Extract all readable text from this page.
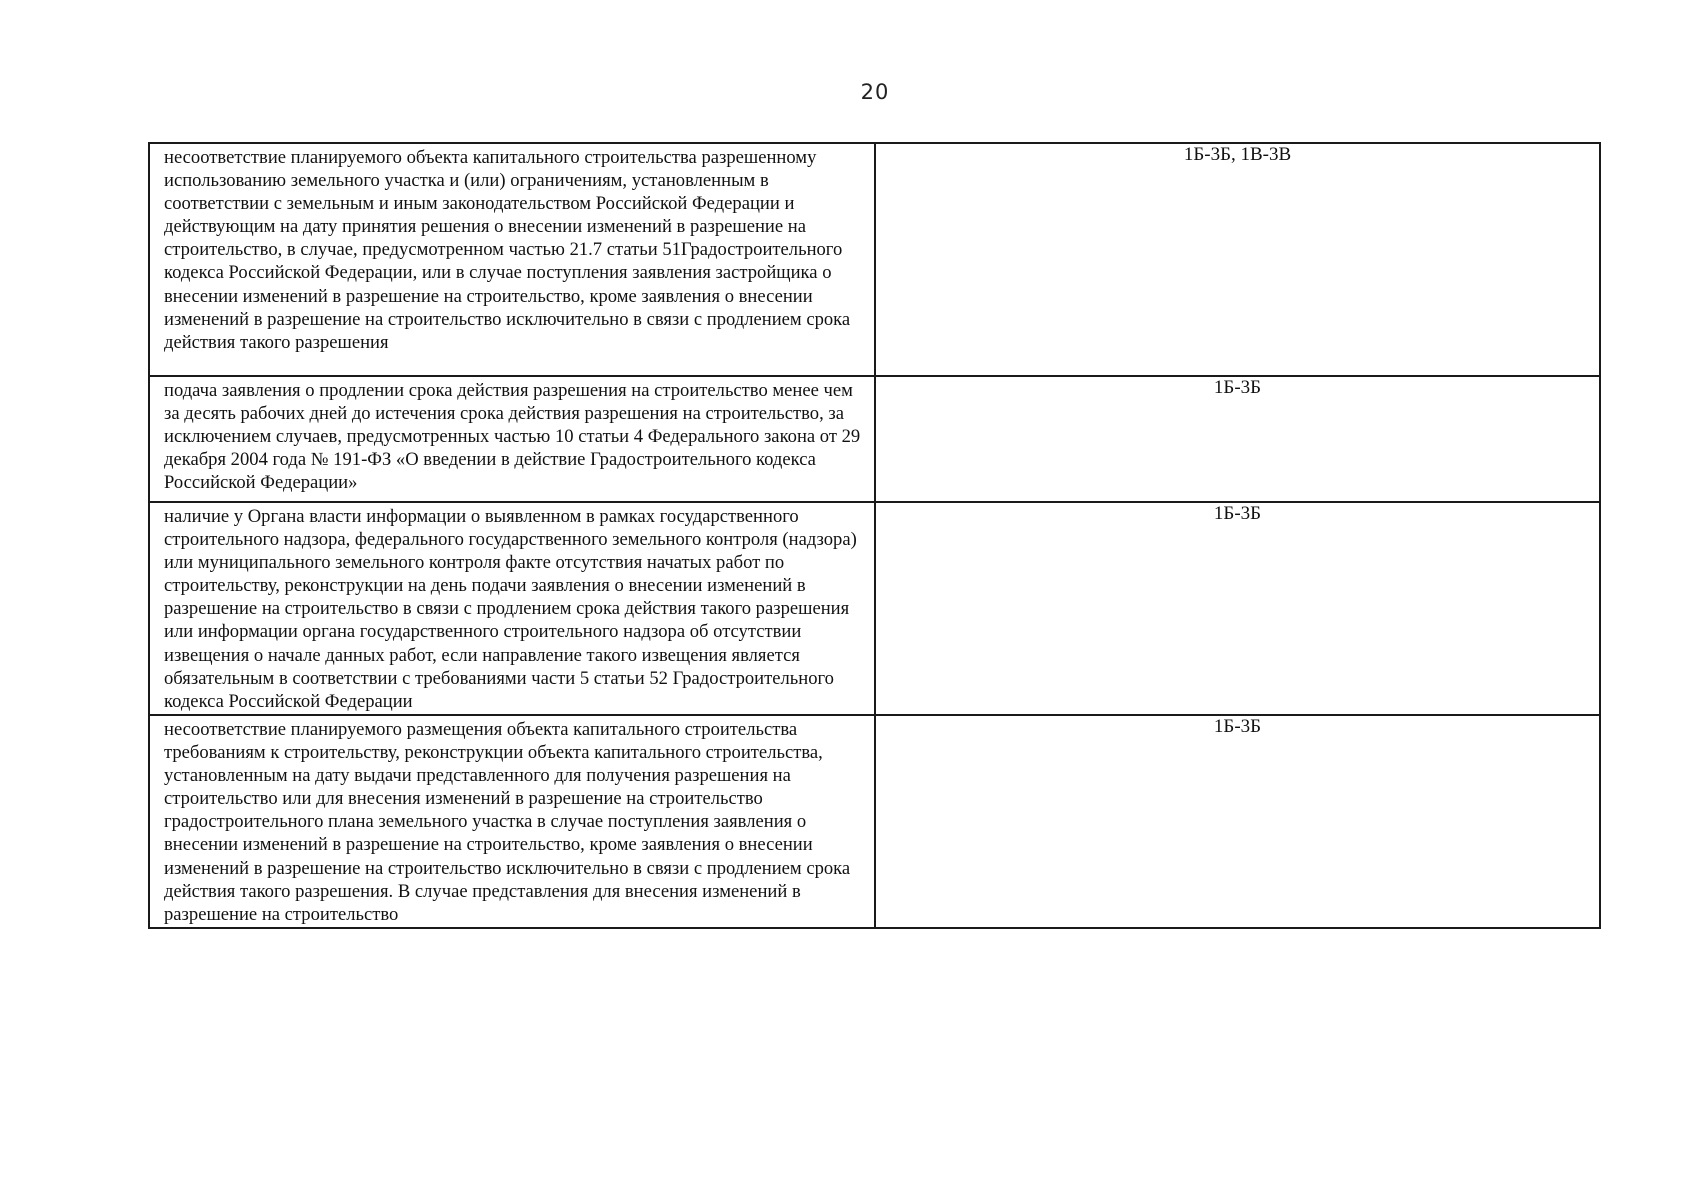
20
несоответствие планируемого объекта капитального строительства разрешенному использованию земельного участка и (или) ограничениям, установленным в соответствии с земельным и иным законодательством Российской Федерации и действующим на дату принятия решения о внесении изменений в разрешение на строительство, в случае, предусмотренном частью 21.7 статьи 51Градостроительного кодекса Российской Федерации, или в случае поступления заявления застройщика о внесении изменений в разрешение на строительство, кроме заявления о внесении изменений в разрешение на строительство исключительно в связи с продлением срока действия такого разрешения	1Б-3Б, 1В-3В

подача заявления о продлении срока действия разрешения на строительство менее чем за десять рабочих дней до истечения срока действия разрешения на строительство, за исключением случаев, предусмотренных частью 10 статьи 4 Федерального закона от 29 декабря 2004 года № 191-ФЗ «О введении в действие Градостроительного кодекса Российской Федерации»	1Б-3Б

наличие у Органа власти информации о выявленном в рамках государственного строительного надзора, федерального государственного земельного контроля (надзора) или муниципального земельного контроля факте отсутствия начатых работ по строительству, реконструкции на день подачи заявления о внесении изменений в разрешение на строительство в связи с продлением срока действия такого разрешения или информации органа государственного строительного надзора об отсутствии извещения о начале данных работ, если направление такого извещения является обязательным в соответствии с требованиями части 5 статьи 52 Градостроительного кодекса Российской Федерации	1Б-3Б

несоответствие планируемого размещения объекта капитального строительства требованиям к строительству, реконструкции объекта капитального строительства, установленным на дату выдачи представленного для получения разрешения на строительство или для внесения изменений в разрешение на строительство градостроительного плана земельного участка в случае поступления заявления о внесении изменений в разрешение на строительство, кроме заявления о внесении изменений в разрешение на строительство исключительно в связи с продлением срока действия такого разрешения. В случае представления для внесения изменений в разрешение на строительство	1Б-3Б
